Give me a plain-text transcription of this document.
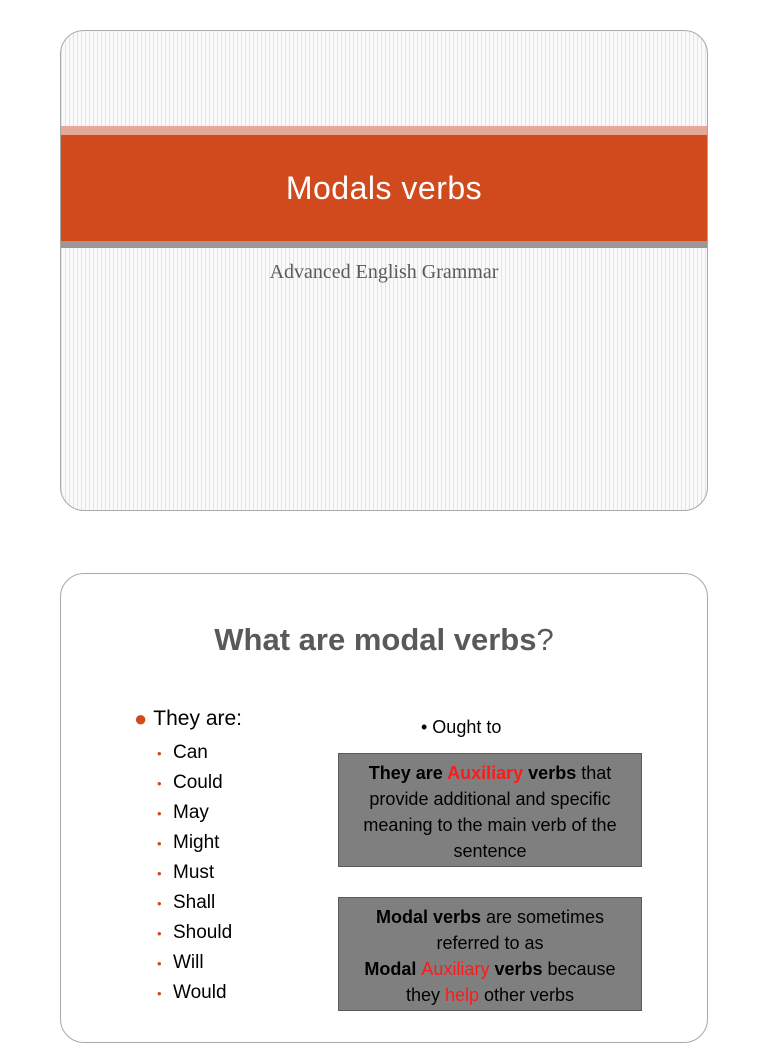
Modals verbs
Advanced English Grammar
What are modal verbs?
● They are:
• Can
• Could
• May
• Might
• Must
• Shall
• Should
• Will
• Would
• Ought to
They are Auxiliary verbs that provide additional and specific meaning to the main verb of the sentence
Modal verbs are sometimes referred to as
Modal Auxiliary verbs because they help other verbs
